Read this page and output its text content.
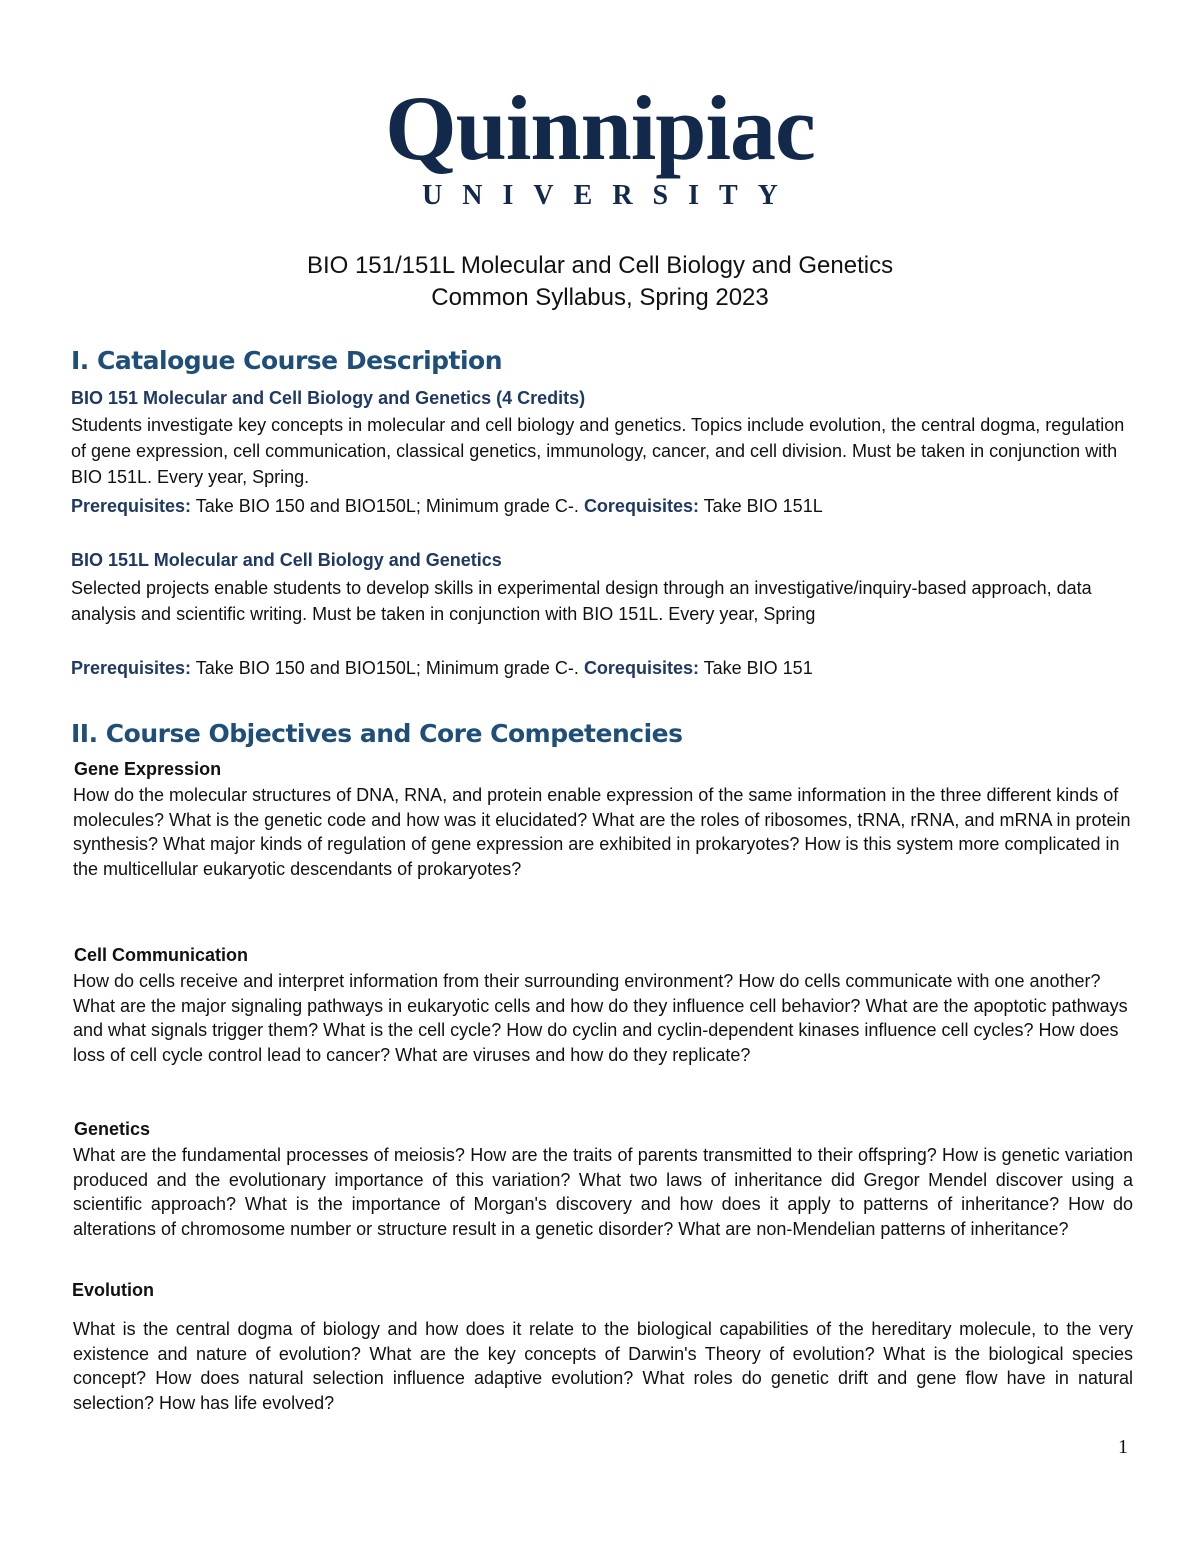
Quinnipiac
UNIVERSITY
BIO 151/151L Molecular and Cell Biology and Genetics
Common Syllabus, Spring 2023
I. Catalogue Course Description
BIO 151 Molecular and Cell Biology and Genetics (4 Credits)
Students investigate key concepts in molecular and cell biology and genetics. Topics include evolution, the central dogma, regulation of gene expression, cell communication, classical genetics, immunology, cancer, and cell division. Must be taken in conjunction with BIO 151L. Every year, Spring.
Prerequisites: Take BIO 150 and BIO150L; Minimum grade C-. Corequisites: Take BIO 151L
BIO 151L Molecular and Cell Biology and Genetics
Selected projects enable students to develop skills in experimental design through an investigative/inquiry-based approach, data analysis and scientific writing. Must be taken in conjunction with BIO 151L. Every year, Spring
Prerequisites: Take BIO 150 and BIO150L; Minimum grade C-. Corequisites: Take BIO 151
II. Course Objectives and Core Competencies
Gene Expression
How do the molecular structures of DNA, RNA, and protein enable expression of the same information in the three different kinds of molecules? What is the genetic code and how was it elucidated? What are the roles of ribosomes, tRNA, rRNA, and mRNA in protein synthesis? What major kinds of regulation of gene expression are exhibited in prokaryotes? How is this system more complicated in the multicellular eukaryotic descendants of prokaryotes?
Cell Communication
How do cells receive and interpret information from their surrounding environment? How do cells communicate with one another? What are the major signaling pathways in eukaryotic cells and how do they influence cell behavior? What are the apoptotic pathways and what signals trigger them? What is the cell cycle? How do cyclin and cyclin-dependent kinases influence cell cycles? How does loss of cell cycle control lead to cancer? What are viruses and how do they replicate?
Genetics
What are the fundamental processes of meiosis? How are the traits of parents transmitted to their offspring? How is genetic variation produced and the evolutionary importance of this variation? What two laws of inheritance did Gregor Mendel discover using a scientific approach? What is the importance of Morgan's discovery and how does it apply to patterns of inheritance? How do alterations of chromosome number or structure result in a genetic disorder? What are non-Mendelian patterns of inheritance?
Evolution
What is the central dogma of biology and how does it relate to the biological capabilities of the hereditary molecule, to the very existence and nature of evolution? What are the key concepts of Darwin's Theory of evolution? What is the biological species concept? How does natural selection influence adaptive evolution? What roles do genetic drift and gene flow have in natural selection? How has life evolved?
1
